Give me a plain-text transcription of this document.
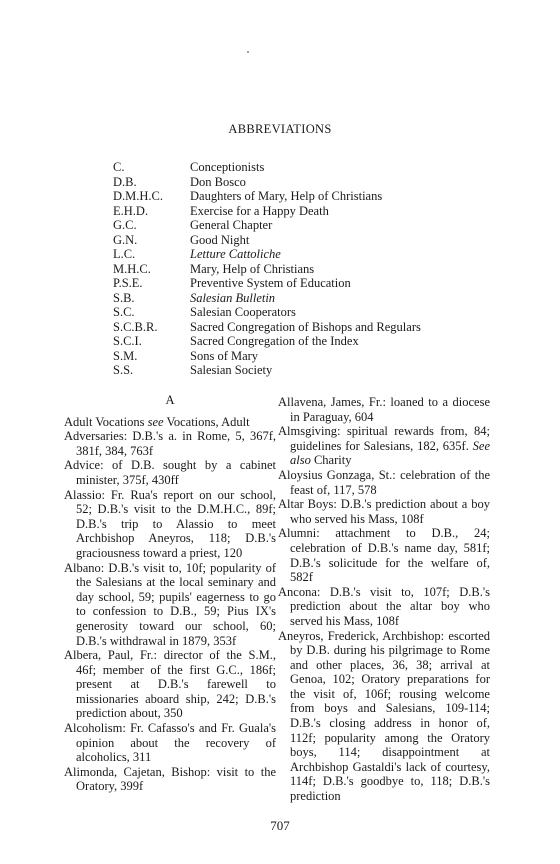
ABBREVIATIONS
C.	Conceptionists
D.B.	Don Bosco
D.M.H.C.	Daughters of Mary, Help of Christians
E.H.D.	Exercise for a Happy Death
G.C.	General Chapter
G.N.	Good Night
L.C.	Letture Cattoliche
M.H.C.	Mary, Help of Christians
P.S.E.	Preventive System of Education
S.B.	Salesian Bulletin
S.C.	Salesian Cooperators
S.C.B.R.	Sacred Congregation of Bishops and Regulars
S.C.I.	Sacred Congregation of the Index
S.M.	Sons of Mary
S.S.	Salesian Society
A

Adult Vocations see Vocations, Adult

Adversaries: D.B.'s a. in Rome, 5, 367f, 381f, 384, 763f

Advice: of D.B. sought by a cabinet minister, 375f, 430ff

Alassio: Fr. Rua's report on our school, 52; D.B.'s visit to the D.M.H.C., 89f; D.B.'s trip to Alassio to meet Archbishop Aneyros, 118; D.B.'s graciousness toward a priest, 120

Albano: D.B.'s visit to, 10f; popularity of the Salesians at the local seminary and day school, 59; pupils' eagerness to go to confession to D.B., 59; Pius IX's generosity toward our school, 60; D.B.'s withdrawal in 1879, 353f

Albera, Paul, Fr.: director of the S.M., 46f; member of the first G.C., 186f; present at D.B.'s farewell to missionaries aboard ship, 242; D.B.'s prediction about, 350

Alcoholism: Fr. Cafasso's and Fr. Guala's opinion about the recovery of alcoholics, 311

Alimonda, Cajetan, Bishop: visit to the Oratory, 399f

Allavena, James, Fr.: loaned to a diocese in Paraguay, 604

Almsgiving: spiritual rewards from, 84; guidelines for Salesians, 182, 635f. See also Charity

Aloysius Gonzaga, St.: celebration of the feast of, 117, 578

Altar Boys: D.B.'s prediction about a boy who served his Mass, 108f

Alumni: attachment to D.B., 24; celebration of D.B.'s name day, 581f; D.B.'s solicitude for the welfare of, 582f

Ancona: D.B.'s visit to, 107f; D.B.'s prediction about the altar boy who served his Mass, 108f

Aneyros, Frederick, Archbishop: escorted by D.B. during his pilgrimage to Rome and other places, 36, 38; arrival at Genoa, 102; Oratory preparations for the visit of, 106f; rousing welcome from boys and Salesians, 109-114; D.B.'s closing address in honor of, 112f; popularity among the Oratory boys, 114; disappointment at Archbishop Gastaldi's lack of courtesy, 114f; D.B.'s goodbye to, 118; D.B.'s prediction

707
